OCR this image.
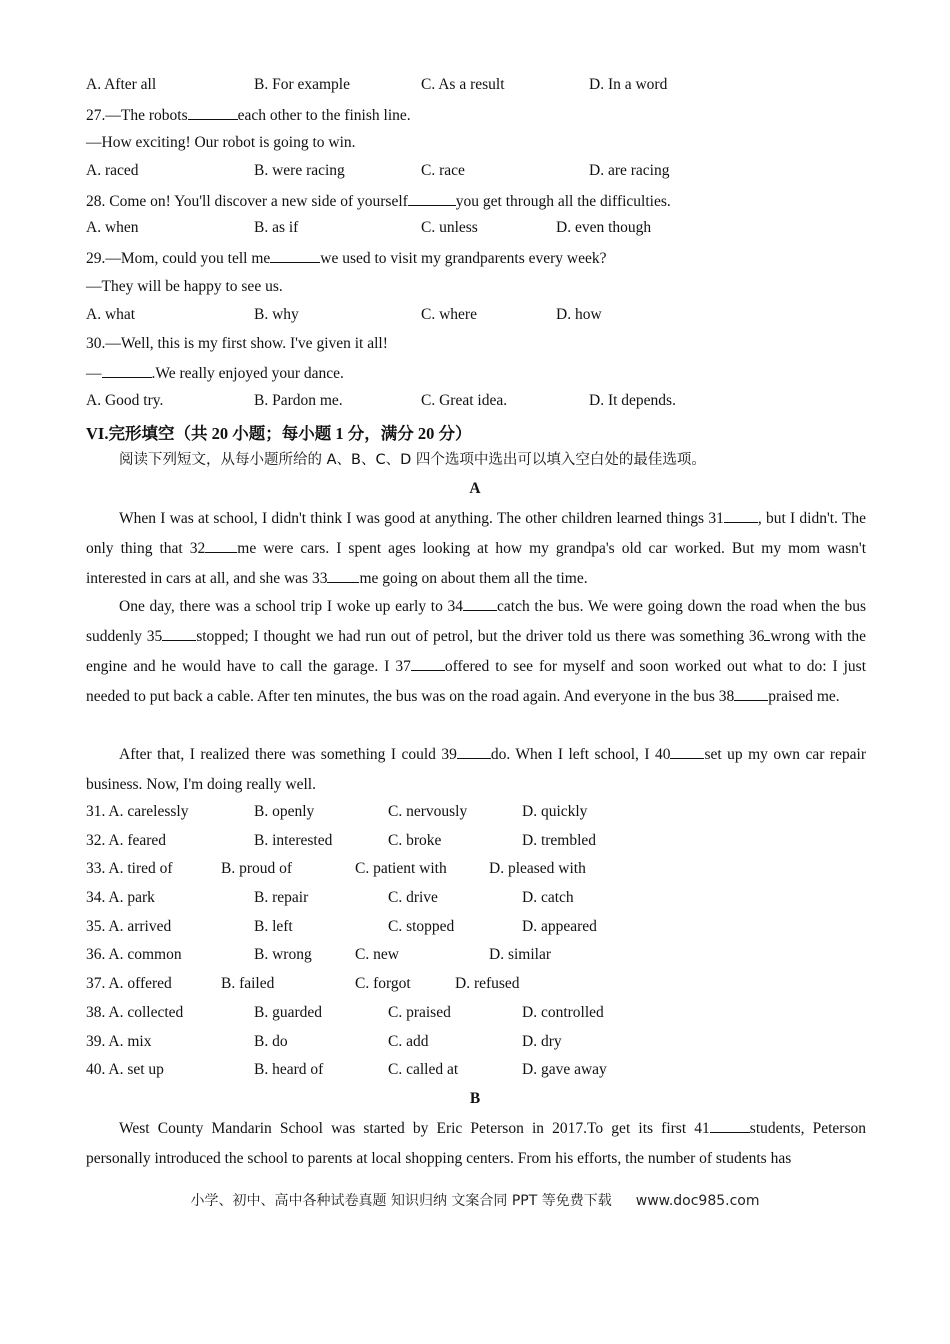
A. After all	B. For example	C. As a result	D. In a word
27.—The robots	each other to the finish line.
—How exciting! Our robot is going to win.
A. raced	B. were racing	C. race	D. are racing
28. Come on! You'll discover a new side of yourself	you get through all the difficulties.
A. when	B. as if	C. unless	D. even though
29.—Mom, could you tell me	we used to visit my grandparents every week?
—They will be happy to see us.
A. what	B. why	C. where	D. how
30.—Well, this is my first show. I've given it all!
—	.We really enjoyed your dance.
A. Good try.	B. Pardon me.	C. Great idea.	D. It depends.
VI.完形填空（共 20 小题；每小题 1 分，满分 20 分）
阅读下列短文，从每小题所给的 A、B、C、D 四个选项中选出可以填入空白处的最佳选项。
A
When I was at school, I didn't think I was good at anything. The other children learned things 31 , but I didn't. The only thing that 32 me were cars. I spent ages looking at how my grandpa's old car worked. But my mom wasn't interested in cars at all, and she was 33 me going on about them all the time.
One day, there was a school trip I woke up early to 34 catch the bus. We were going down the road when the bus suddenly 35 stopped; I thought we had run out of petrol, but the driver told us there was something 36 wrong with the engine and he would have to call the garage. I 37 offered to see for myself and soon worked out what to do: I just needed to put back a cable. After ten minutes, the bus was on the road again. And everyone in the bus 38 praised me.
After that, I realized there was something I could 39 do. When I left school, I 40 set up my own car repair business. Now, I'm doing really well.
31. A. carelessly	B. openly	C. nervously	D. quickly
32. A. feared	B. interested	C. broke	D. trembled
33. A. tired of	B. proud of	C. patient with	D. pleased with
34. A. park	B. repair	C. drive	D. catch
35. A. arrived	B. left	C. stopped	D. appeared
36. A. common	B. wrong	C. new	D. similar
37. A. offered	B. failed	C. forgot	D. refused
38. A. collected	B. guarded	C. praised	D. controlled
39. A. mix	B. do	C. add	D. dry
40. A. set up	B. heard of	C. called at	D. gave away
B
West County Mandarin School was started by Eric Peterson in 2017.To get its first 41	students, Peterson personally introduced the school to parents at local shopping centers. From his efforts, the number of students has
小学、初中、高中各种试卷真题 知识归纳 文案合同 PPT 等免费下载 www.doc985.com
